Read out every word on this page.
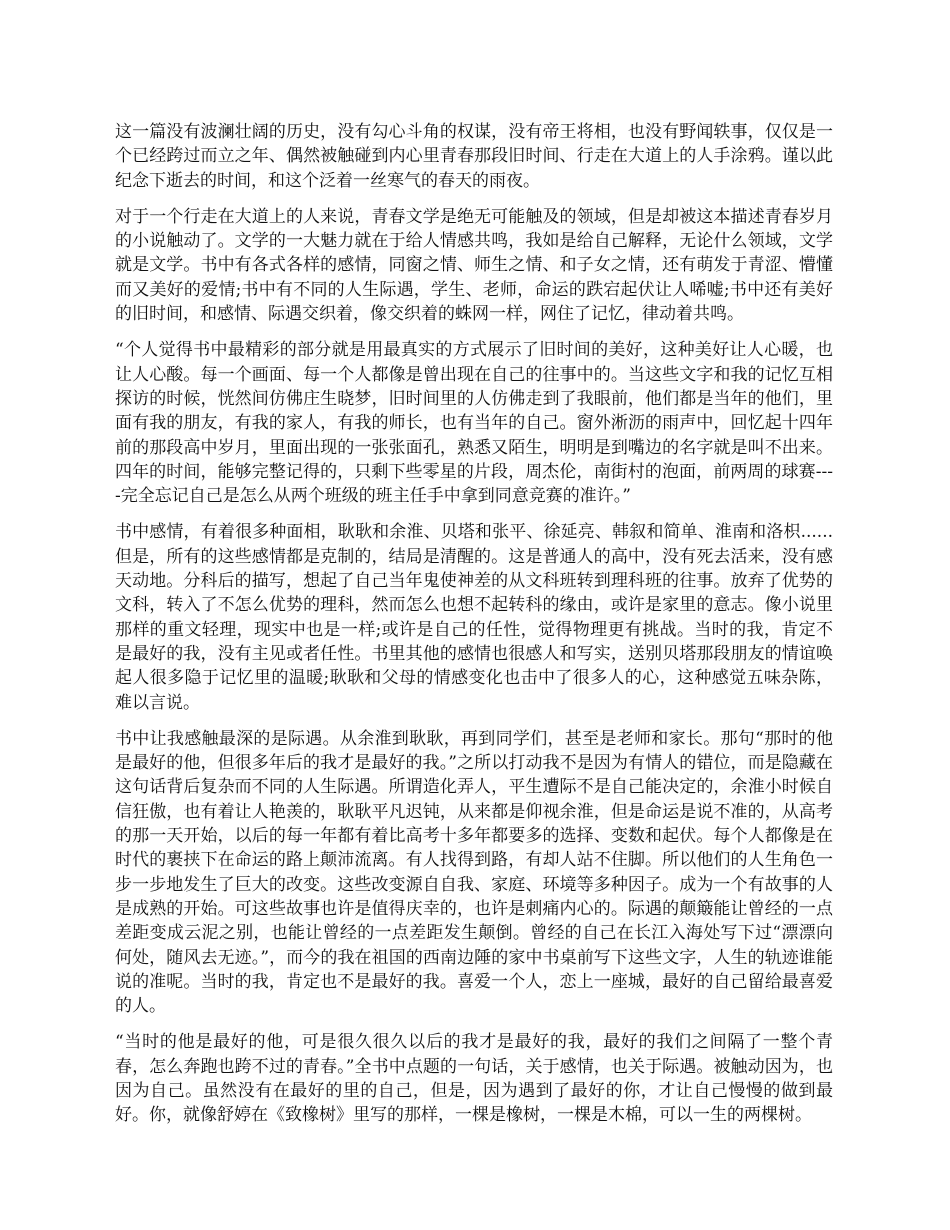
这一篇没有波澜壮阔的历史，没有勾心斗角的权谋，没有帝王将相，也没有野闻轶事，仅仅是一个已经跨过而立之年、偶然被触碰到内心里青春那段旧时间、行走在大道上的人手涂鸦。谨以此纪念下逝去的时间，和这个泛着一丝寒气的春天的雨夜。

对于一个行走在大道上的人来说，青春文学是绝无可能触及的领域，但是却被这本描述青春岁月的小说触动了。文学的一大魅力就在于给人情感共鸣，我如是给自己解释，无论什么领域，文学就是文学。书中有各式各样的感情，同窗之情、师生之情、和子女之情，还有萌发于青涩、懵懂而又美好的爱情;书中有不同的人生际遇，学生、老师，命运的跌宕起伏让人唏嘘;书中还有美好的旧时间，和感情、际遇交织着，像交织着的蛛网一样，网住了记忆，律动着共鸣。

“个人觉得书中最精彩的部分就是用最真实的方式展示了旧时间的美好，这种美好让人心暖，也让人心酸。每一个画面、每一个人都像是曾出现在自己的往事中的。当这些文字和我的记忆互相探访的时候，恍然间仿佛庄生晓梦，旧时间里的人仿佛走到了我眼前，他们都是当年的他们，里面有我的朋友，有我的家人，有我的师长，也有当年的自己。窗外淅沥的雨声中，回忆起十四年前的那段高中岁月，里面出现的一张张面孔，熟悉又陌生，明明是到嘴边的名字就是叫不出来。四年的时间，能够完整记得的，只剩下些零星的片段，周杰伦，南街村的泡面，前两周的球赛----完全忘记自己是怎么从两个班级的班主任手中拿到同意竞赛的准许。”

书中感情，有着很多种面相，耿耿和余淮、贝塔和张平、徐延亮、韩叙和简单、淮南和洛枳......但是，所有的这些感情都是克制的，结局是清醒的。这是普通人的高中，没有死去活来，没有感天动地。分科后的描写，想起了自己当年鬼使神差的从文科班转到理科班的往事。放弃了优势的文科，转入了不怎么优势的理科，然而怎么也想不起转科的缘由，或许是家里的意志。像小说里那样的重文轻理，现实中也是一样;或许是自己的任性，觉得物理更有挑战。当时的我，肯定不是最好的我，没有主见或者任性。书里其他的感情也很感人和写实，送别贝塔那段朋友的情谊唤起人很多隐于记忆里的温暖;耿耿和父母的情感变化也击中了很多人的心，这种感觉五味杂陈，难以言说。

书中让我感触最深的是际遇。从余淮到耿耿，再到同学们，甚至是老师和家长。那句“那时的他是最好的他，但很多年后的我才是最好的我。”之所以打动我不是因为有情人的错位，而是隐藏在这句话背后复杂而不同的人生际遇。所谓造化弄人，平生遭际不是自己能决定的，余淮小时候自信狂傲，也有着让人艳羡的，耿耿平凡迟钝，从来都是仰视余淮，但是命运是说不准的，从高考的那一天开始，以后的每一年都有着比高考十多年都要多的选择、变数和起伏。每个人都像是在时代的裹挟下在命运的路上颠沛流离。有人找得到路，有却人站不住脚。所以他们的人生角色一步一步地发生了巨大的改变。这些改变源自自我、家庭、环境等多种因子。成为一个有故事的人是成熟的开始。可这些故事也许是值得庆幸的，也许是刺痛内心的。际遇的颠簸能让曾经的一点差距变成云泥之别，也能让曾经的一点差距发生颠倒。曾经的自己在长江入海处写下过“漂漂向何处，随风去无迹。”，而今的我在祖国的西南边陲的家中书桌前写下这些文字，人生的轨迹谁能说的准呢。当时的我，肯定也不是最好的我。喜爱一个人，恋上一座城，最好的自己留给最喜爱的人。

“当时的他是最好的他，可是很久很久以后的我才是最好的我，最好的我们之间隔了一整个青春，怎么奔跑也跨不过的青春。”全书中点题的一句话，关于感情，也关于际遇。被触动因为，也因为自己。虽然没有在最好的里的自己，但是，因为遇到了最好的你，才让自己慢慢的做到最好。你，就像舒婷在《致橡树》里写的那样，一棵是橡树，一棵是木棉，可以一生的两棵树。
